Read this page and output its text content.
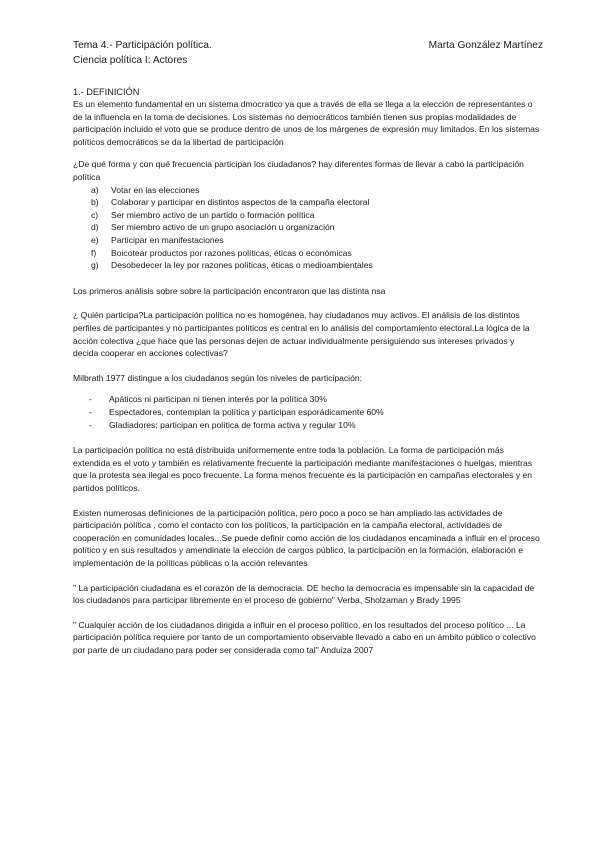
Tema 4.- Participación política.	Marta González Martínez
Ciencia política I: Actores
1.- DEFINICIÓN

Es un elemento fundamental en un sistema dmocratico ya que a través de ella se llega a la elección de representantes o de la influencia en la toma de decisiones. Los sistemas no democráticos también tienen sus propias modalidades de participación incluido el voto que se produce dentro de unos de los márgenes de expresión muy limitados. En los sistemas políticos democráticos se da la libertad de participación

¿De qué forma y con qué frecuencia participan los ciudadanos? hay diferentes formas de llevar a cabo la participación política

a)	Votar en las elecciones
b)	Colaborar y participar en distintos aspectos de la campaña electoral
c)	Ser miembro activo de un partido o formación política
d)	Ser miembro activo de un grupo asociación u organización
e)	Participar en manifestaciones
f)	Boicotear productos por razones políticas, éticas o económicas
g)	Desobedecer la ley por razones políticas, éticas o medioambientales

Los primeros análisis sobre sobre la participación encontraron que las distinta nsa

¿ Quién participa?La participación política no es homogénea, hay ciudadanos muy activos. El análisis de los distintos perfiles de participantes y no participantes políticos es central en lo análisis del comportamiento electoral.La lógica de la acción colectiva ¿que hace que las personas dejen de actuar individualmente persiguiendo sus intereses privados y decida cooperar en acciones colectivas?

Milbrath 1977 distingue a los ciudadanos según los niveles de participación:

-	Apáticos ni participan ni tienen interés por la política 30%
-	Espectadores, contemplan la política y participan esporádicamente 60%
-	Gladiadores; participan en política de forma activa y regular 10%

La participación política no está distribuida uniformemente entre toda la población. La forma de participación más extendida es el voto y también es relativamente frecuente la participación mediante manifestaciones o huelgas, mientras que la protesta sea ilegal es poco frecuente. La forma menos frecuente es la participación en campañas electorales y en partidos políticos.

Existen numerosas definiciones de la participación política, pero poco a poco se han ampliado las actividades de participación política , como el contacto con los políticos, la participación en la campaña electoral, actividades de cooperación en comunidades locales...Se puede definir como acción de los ciudadanos encaminada a influir en el proceso político y en sus resultados y amendinate la elección de cargos público, la participación en la formación, elaboración e implementación de la políticas públicas o la acción relevantes

" La participación ciudadana es el corazón de la democracia. DE hecho la democracia es impensable sin la capacidad de los ciudadanos para participar libremente en el proceso de gobierno" Verba, Sholzaman y Brady 1995

" Cualquier acción de los ciudadanos dirigida a influir en el proceso político, en los resultados del proceso político ... La participación política requiere por tanto de un comportamiento observable llevado a cabo en un ámbito público o colectivo por parte de un ciudadano para poder ser considerada como tal" Anduiza 2007
